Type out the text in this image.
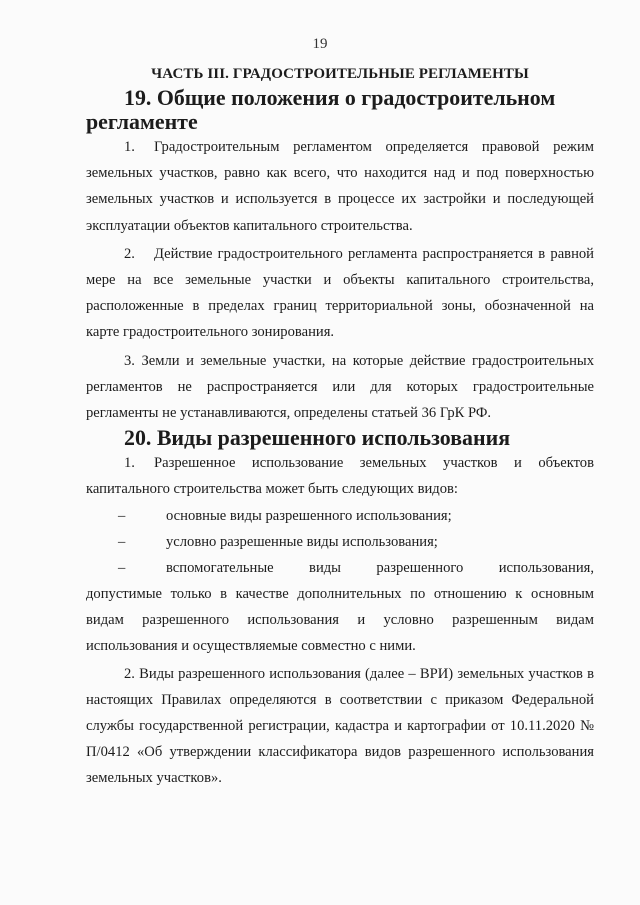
19
ЧАСТЬ III. ГРАДОСТРОИТЕЛЬНЫЕ РЕГЛАМЕНТЫ
19. Общие положения о градостроительном регламенте

1. Градостроительным регламентом определяется правовой режим земельных участков, равно как всего, что находится над и под поверхностью земельных участков и используется в процессе их застройки и последующей эксплуатации объектов капитального строительства.

2. Действие градостроительного регламента распространяется в равной мере на все земельные участки и объекты капитального строительства, расположенные в пределах границ территориальной зоны, обозначенной на карте градостроительного зонирования.

3. Земли и земельные участки, на которые действие градостроительных регламентов не распространяется или для которых градостроительные регламенты не устанавливаются, определены статьей 36 ГрК РФ.

20. Виды разрешенного использования

1. Разрешенное использование земельных участков и объектов капитального строительства может быть следующих видов:

–	основные виды разрешенного использования;
–	условно разрешенные виды использования;
–	вспомогательные виды разрешенного использования,

допустимые только в качестве дополнительных по отношению к основным видам разрешенного использования и условно разрешенным видам использования и осуществляемые совместно с ними.

2. Виды разрешенного использования (далее – ВРИ) земельных участков в настоящих Правилах определяются в соответствии с приказом Федеральной службы государственной регистрации, кадастра и картографии от 10.11.2020 № П/0412 «Об утверждении классификатора видов разрешенного использования земельных участков».
